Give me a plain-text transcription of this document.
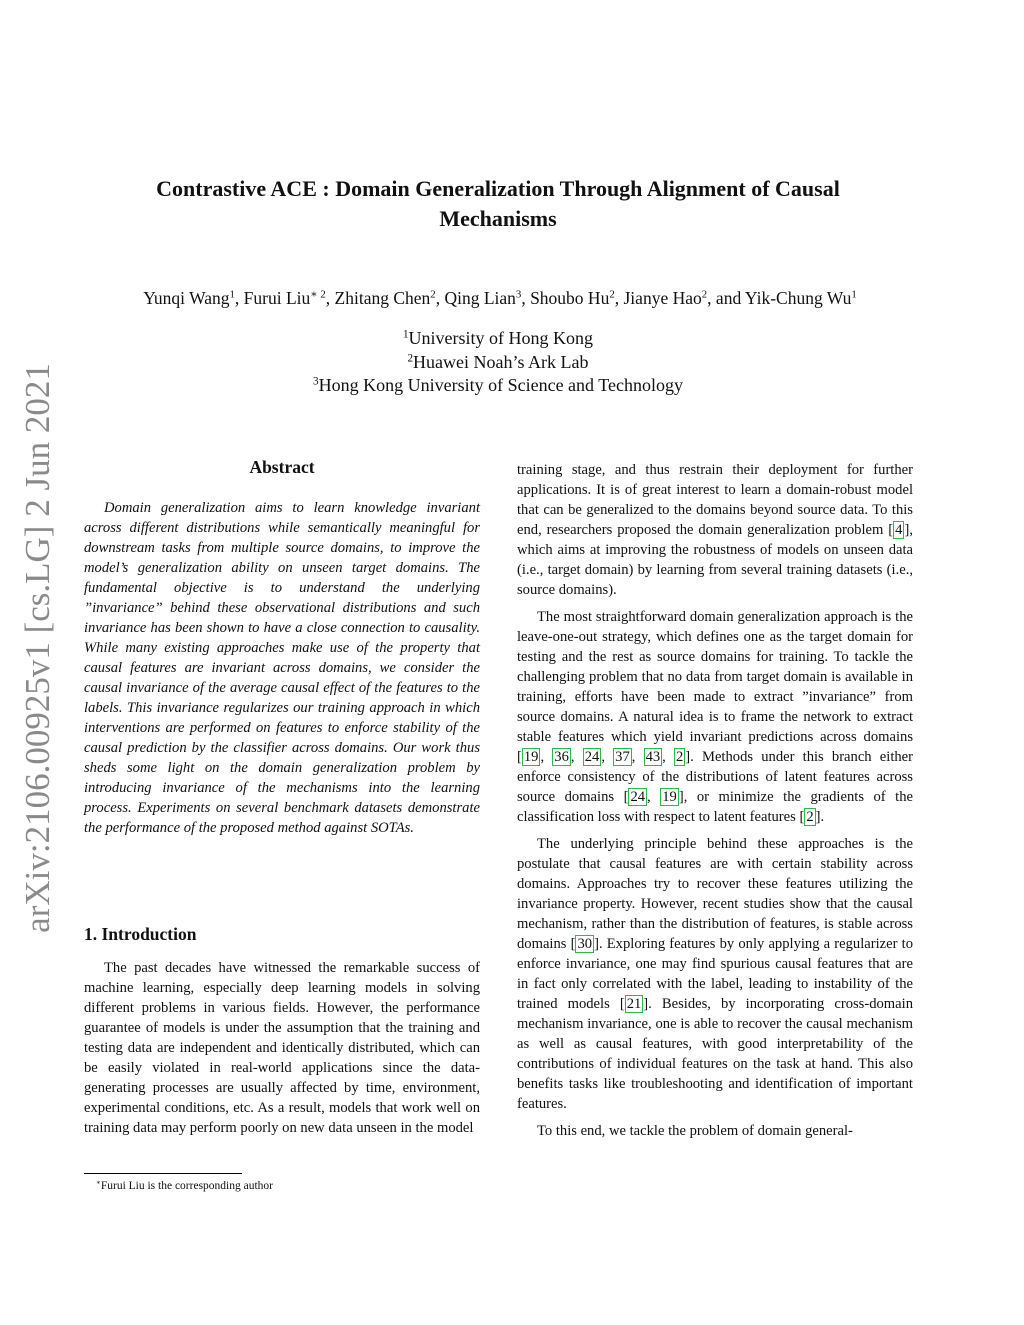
arXiv:2106.00925v1 [cs.LG] 2 Jun 2021
Contrastive ACE : Domain Generalization Through Alignment of Causal
Mechanisms
Yunqi Wang$^1$, Furui Liu$^{∗ 2}$, Zhitang Chen$^2$, Qing Lian$^3$, Shoubo Hu$^2$, Jianye Hao$^2$, and Yik-Chung Wu$^1$
$^1$University of Hong Kong
$^2$Huawei Noah’s Ark Lab
$^3$Hong Kong University of Science and Technology
Abstract

Domain generalization aims to learn knowledge invariant across different distributions while semantically meaningful for downstream tasks from multiple source domains, to improve the model’s generalization ability on unseen target domains. The fundamental objective is to understand the underlying ”invariance” behind these observational distributions and such invariance has been shown to have a close connection to causality. While many existing approaches make use of the property that causal features are invariant across domains, we consider the causal invariance of the average causal effect of the features to the labels. This invariance regularizes our training approach in which interventions are performed on features to enforce stability of the causal prediction by the classifier across domains. Our work thus sheds some light on the domain generalization problem by introducing invariance of the mechanisms into the learning process. Experiments on several benchmark datasets demonstrate the performance of the proposed method against SOTAs.

1. Introduction

The past decades have witnessed the remarkable success of machine learning, especially deep learning models in solving different problems in various fields. However, the performance guarantee of models is under the assumption that the training and testing data are independent and identically distributed, which can be easily violated in real-world applications since the data-generating processes are usually affected by time, environment, experimental conditions, etc. As a result, models that work well on training data may perform poorly on new data unseen in the model

training stage, and thus restrain their deployment for further applications. It is of great interest to learn a domain-robust model that can be generalized to the domains beyond source data. To this end, researchers proposed the domain generalization problem [ 4 ], which aims at improving the robustness of models on unseen data (i.e., target domain) by learning from several training datasets (i.e., source domains).

The most straightforward domain generalization approach is the leave-one-out strategy, which defines one as the target domain for testing and the rest as source domains for training. To tackle the challenging problem that no data from target domain is available in training, efforts have been made to extract ”invariance” from source domains. A natural idea is to frame the network to extract stable features which yield invariant predictions across domains [ 19 , 36 , 24 , 37 , 43 , 2 ]. Methods under this branch either enforce consistency of the distributions of latent features across source domains [ 24 , 19 ], or minimize the gradients of the classification loss with respect to latent features [ 2 ].

The underlying principle behind these approaches is the postulate that causal features are with certain stability across domains. Approaches try to recover these features utilizing the invariance property. However, recent studies show that the causal mechanism, rather than the distribution of features, is stable across domains [ 30 ]. Exploring features by only applying a regularizer to enforce invariance, one may find spurious causal features that are in fact only correlated with the label, leading to instability of the trained models [ 21 ]. Besides, by incorporating cross-domain mechanism invariance, one is able to recover the causal mechanism as well as causal features, with good interpretability of the contributions of individual features on the task at hand. This also benefits tasks like troubleshooting and identification of important features.

To this end, we tackle the problem of domain general-

∗Furui Liu is the corresponding author
